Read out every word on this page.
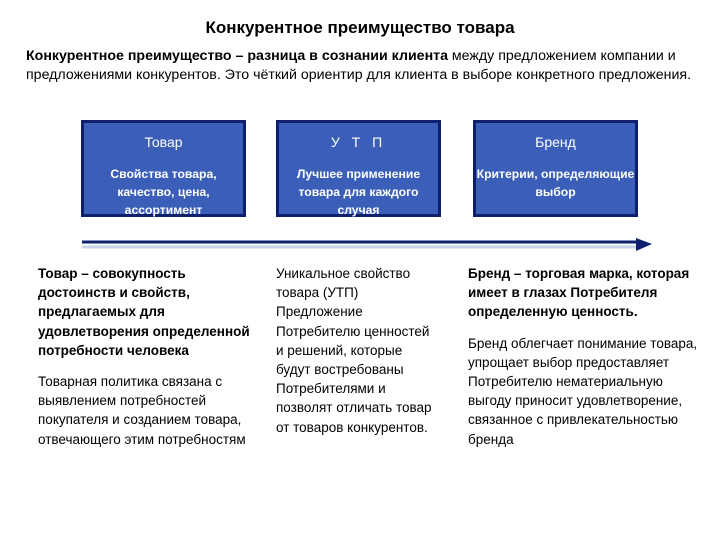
Конкурентное преимущество товара
Конкурентное преимущество – разница в сознании клиента между предложением компании и предложениями конкурентов. Это чёткий ориентир для клиента в выборе конкретного предложения.
Товар
Свойства товара, качество, цена, ассортимент
У Т П
Лучшее применение товара для каждого случая
Бренд
Критерии, определяющие выбор
Товар – совокупность достоинств и свойств, предлагаемых для удовлетворения определенной потребности человека
Товарная политика связана с выявлением потребностей покупателя и созданием товара, отвечающего этим потребностям
Уникальное свойство товара (УТП) Предложение Потребителю ценностей и решений, которые будут востребованы Потребителями и позволят отличать товар от товаров конкурентов.
Бренд – торговая марка, которая имеет в глазах Потребителя определенную ценность.
Бренд облегчает понимание товара, упрощает выбор предоставляет Потребителю нематериальную выгоду приносит удовлетворение, связанное с привлекательностью бренда
